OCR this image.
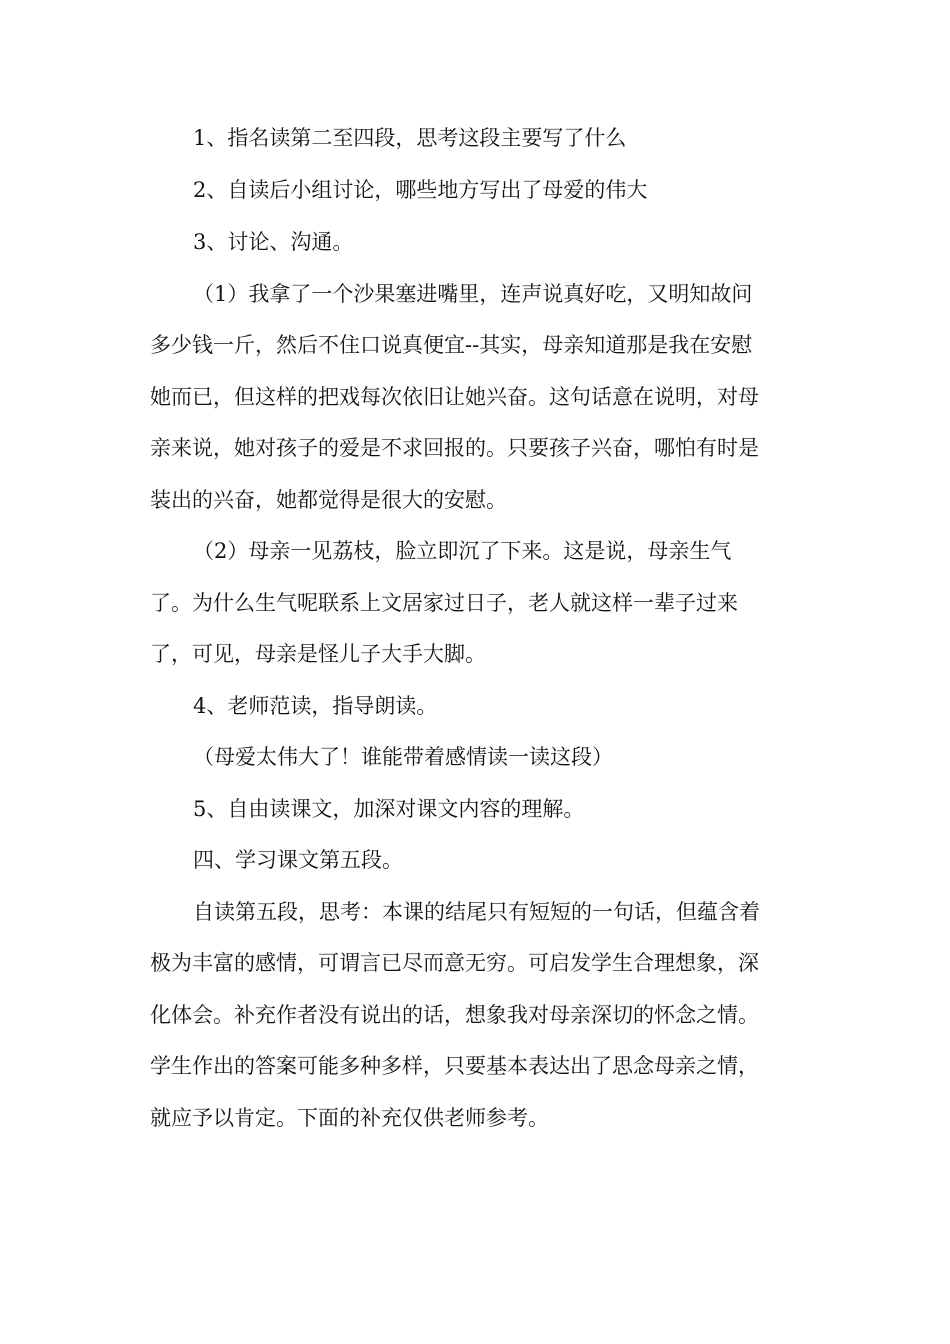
1、指名读第二至四段，思考这段主要写了什么
2、自读后小组讨论，哪些地方写出了母爱的伟大
3、讨论、沟通。
（1）我拿了一个沙果塞进嘴里，连声说真好吃，又明知故问
多少钱一斤，然后不住口说真便宜--其实，母亲知道那是我在安慰
她而已，但这样的把戏每次依旧让她兴奋。这句话意在说明，对母
亲来说，她对孩子的爱是不求回报的。只要孩子兴奋，哪怕有时是
装出的兴奋，她都觉得是很大的安慰。
（2）母亲一见荔枝，脸立即沉了下来。这是说，母亲生气
了。为什么生气呢联系上文居家过日子，老人就这样一辈子过来
了，可见，母亲是怪儿子大手大脚。
4、老师范读，指导朗读。
（母爱太伟大了！谁能带着感情读一读这段）
5、自由读课文，加深对课文内容的理解。
四、学习课文第五段。
自读第五段，思考：本课的结尾只有短短的一句话，但蕴含着
极为丰富的感情，可谓言已尽而意无穷。可启发学生合理想象，深
化体会。补充作者没有说出的话，想象我对母亲深切的怀念之情。
学生作出的答案可能多种多样，只要基本表达出了思念母亲之情，
就应予以肯定。下面的补充仅供老师参考。
